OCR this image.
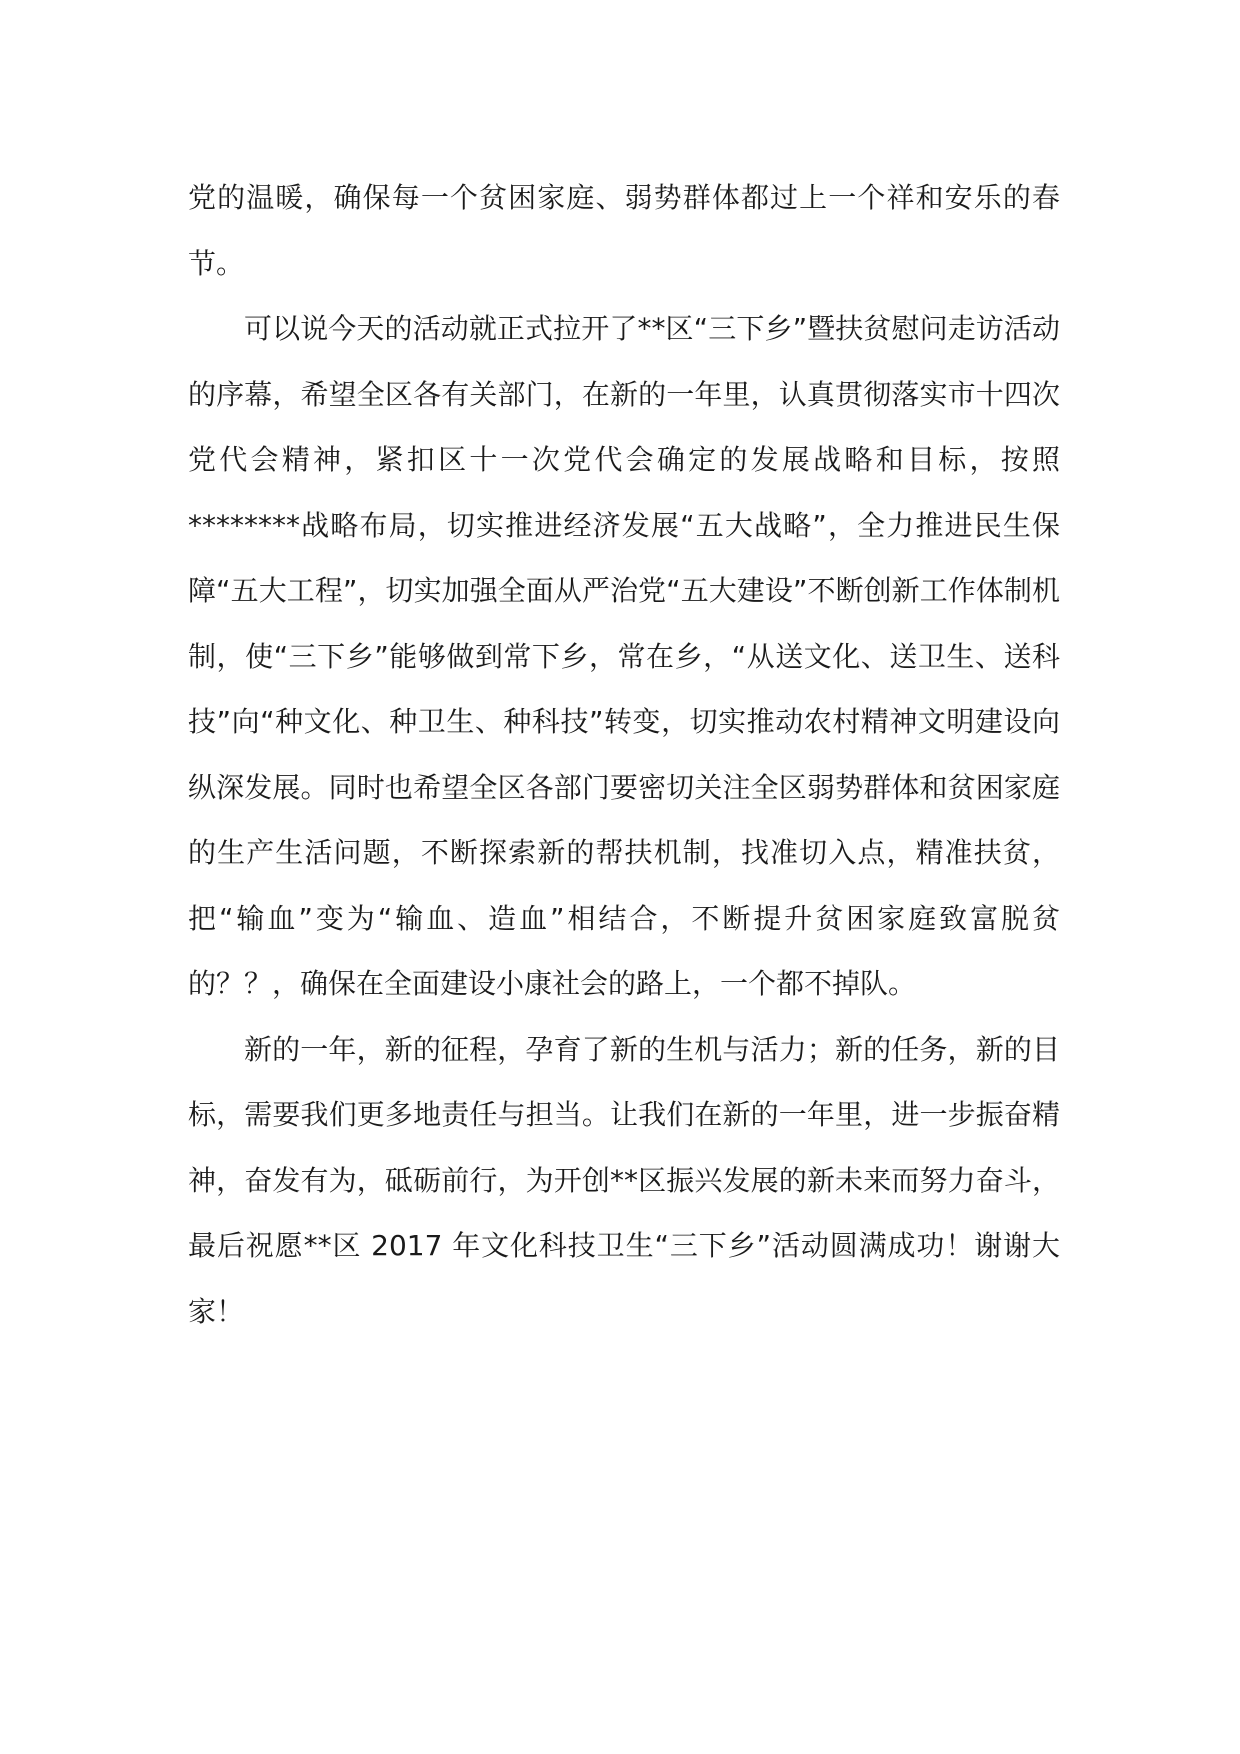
党的温暖，确保每一个贫困家庭、弱势群体都过上一个祥和安乐的春节。

可以说今天的活动就正式拉开了**区“三下乡”暨扶贫慰问走访活动的序幕，希望全区各有关部门，在新的一年里，认真贯彻落实市十四次党代会精神，紧扣区十一次党代会确定的发展战略和目标，按照********战略布局，切实推进经济发展“五大战略”，全力推进民生保障“五大工程”，切实加强全面从严治党“五大建设”不断创新工作体制机制，使“三下乡”能够做到常下乡，常在乡，“从送文化、送卫生、送科技”向“种文化、种卫生、种科技”转变，切实推动农村精神文明建设向纵深发展。同时也希望全区各部门要密切关注全区弱势群体和贫困家庭的生产生活问题，不断探索新的帮扶机制，找准切入点，精准扶贫，把“输血”变为“输血、造血”相结合，不断提升贫困家庭致富脱贫的？？，确保在全面建设小康社会的路上，一个都不掉队。

新的一年，新的征程，孕育了新的生机与活力；新的任务，新的目标，需要我们更多地责任与担当。让我们在新的一年里，进一步振奋精神，奋发有为，砥砺前行，为开创**区振兴发展的新未来而努力奋斗，最后祝愿**区 2017 年文化科技卫生“三下乡”活动圆满成功！谢谢大家！
